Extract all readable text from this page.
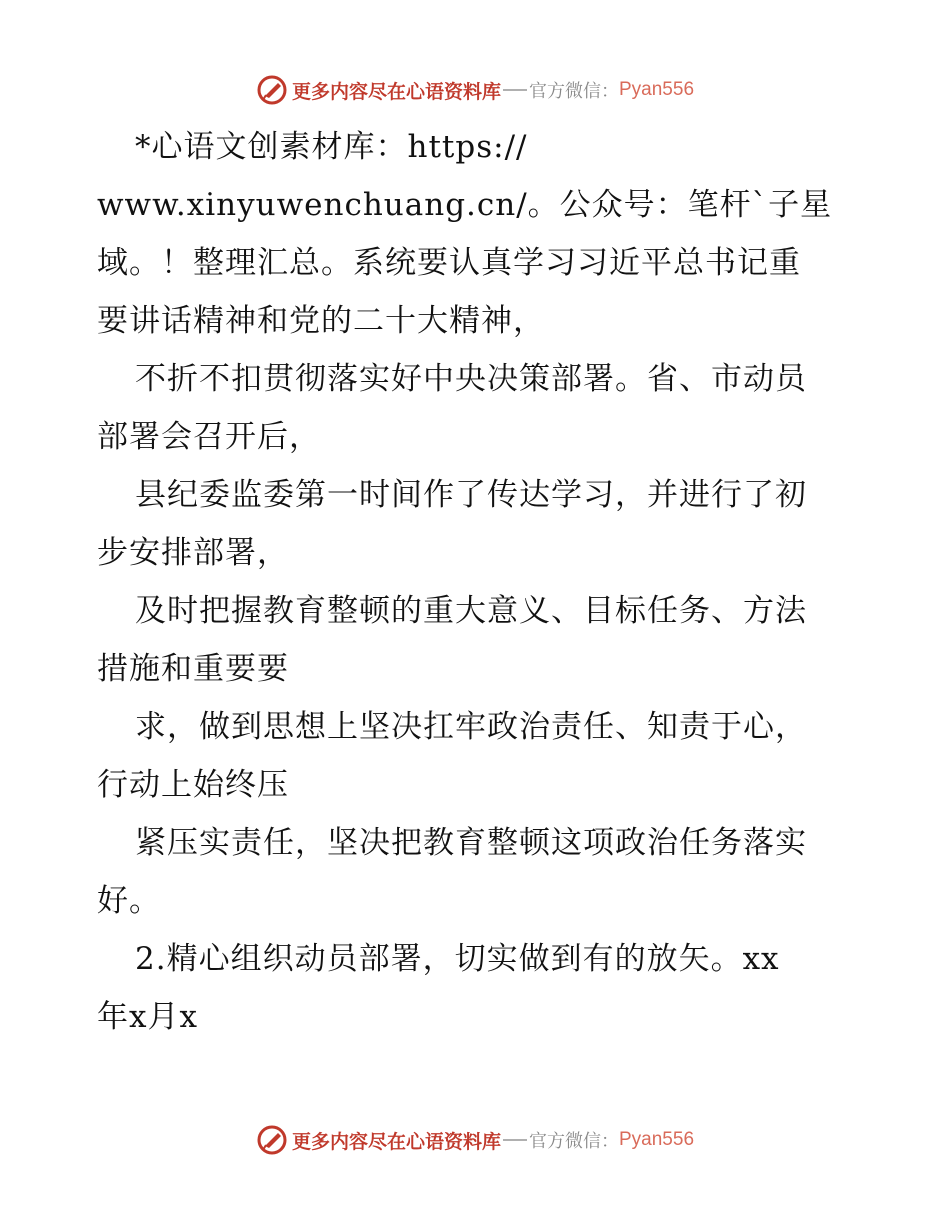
更多内容尽在心语资料库 官方微信： Pyan556
*心语文创素材库：https://
www.xinyuwenchuang.cn/。公众号：笔杆`子星
域。！整理汇总。系统要认真学习习近平总书记重
要讲话精神和党的二十大精神，
不折不扣贯彻落实好中央决策部署。省、市动员
部署会召开后，
县纪委监委第一时间作了传达学习，并进行了初
步安排部署，
及时把握教育整顿的重大意义、目标任务、方法
措施和重要要
求，做到思想上坚决扛牢政治责任、知责于心，
行动上始终压
紧压实责任，坚决把教育整顿这项政治任务落实
好。
2.精心组织动员部署，切实做到有的放矢。xx
年x月x
更多内容尽在心语资料库 官方微信： Pyan556
